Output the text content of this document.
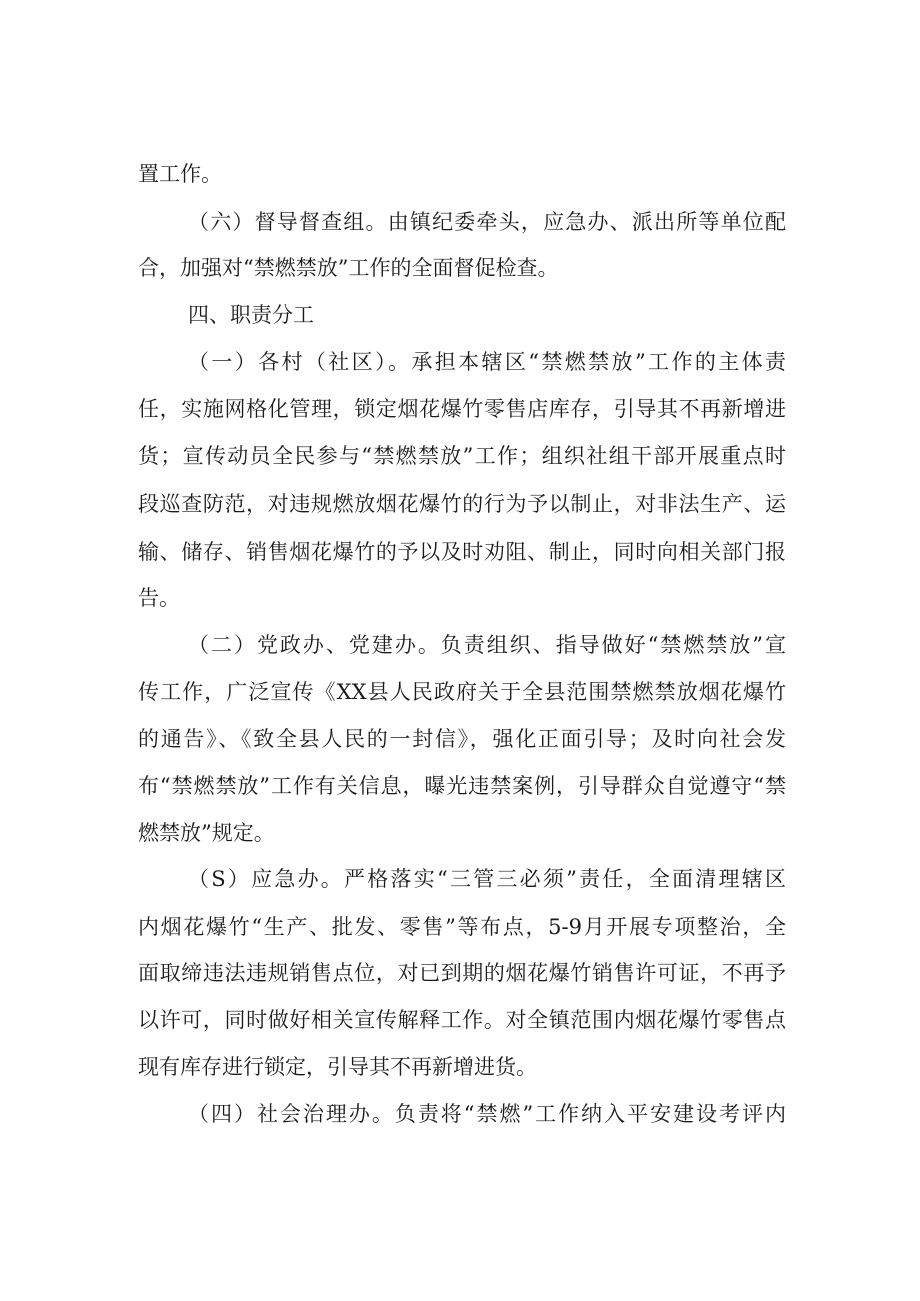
置工作。
（六）督导督查组。由镇纪委牵头，应急办、派出所等单位配
合，加强对“禁燃禁放”工作的全面督促检查。
四、职责分工
（一）各村（社区）。承担本辖区“禁燃禁放”工作的主体责
任，实施网格化管理，锁定烟花爆竹零售店库存，引导其不再新增进
货；宣传动员全民参与“禁燃禁放”工作；组织社组干部开展重点时
段巡查防范，对违规燃放烟花爆竹的行为予以制止，对非法生产、运
输、储存、销售烟花爆竹的予以及时劝阻、制止，同时向相关部门报
告。
（二）党政办、党建办。负责组织、指导做好“禁燃禁放”宣
传工作，广泛宣传《XX县人民政府关于全县范围禁燃禁放烟花爆竹
的通告》、《致全县人民的一封信》，强化正面引导；及时向社会发
布“禁燃禁放”工作有关信息，曝光违禁案例，引导群众自觉遵守“禁
燃禁放”规定。
（S）应急办。严格落实“三管三必须”责任，全面清理辖区
内烟花爆竹“生产、批发、零售”等布点，5-9月开展专项整治，全
面取缔违法违规销售点位，对已到期的烟花爆竹销售许可证，不再予
以许可，同时做好相关宣传解释工作。对全镇范围内烟花爆竹零售点
现有库存进行锁定，引导其不再新增进货。
（四）社会治理办。负责将“禁燃”工作纳入平安建设考评内
